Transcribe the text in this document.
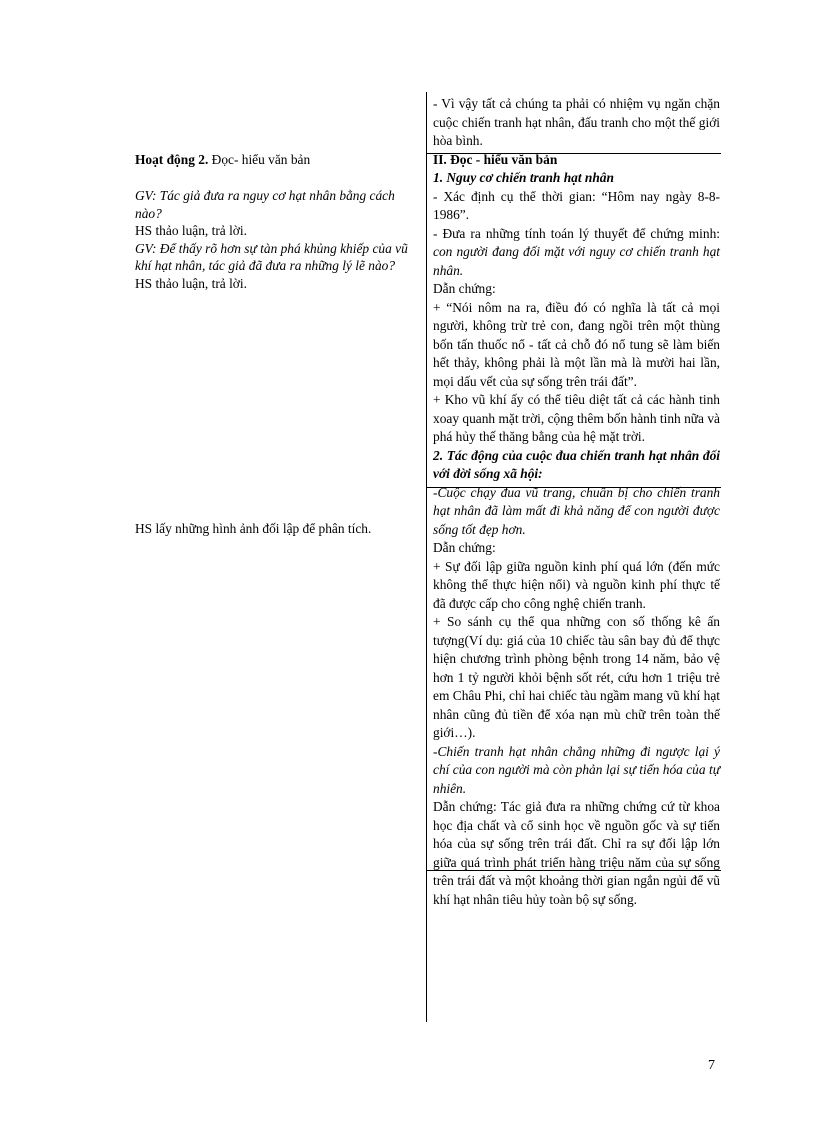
Hoạt động 2. Đọc- hiểu văn bản

GV: Tác giả đưa ra nguy cơ hạt nhân bằng cách nào?

HS thảo luận, trả lời.

GV: Để thấy rõ hơn sự tàn phá khủng khiếp của vũ khí hạt nhân, tác giả đã đưa ra những lý lẽ nào?

HS thảo luận, trả lời.

HS lấy những hình ảnh đối lập để phân tích.

- Vì vậy tất cả chúng ta phải có nhiệm vụ ngăn chặn cuộc chiến tranh hạt nhân, đấu tranh cho một thế giới hòa bình.

II. Đọc - hiểu văn bản

1. Nguy cơ chiến tranh hạt nhân

- Xác định cụ thể thời gian: “Hôm nay ngày 8-8-1986”.

- Đưa ra những tính toán lý thuyết để chứng minh: con người đang đối mặt với nguy cơ chiến tranh hạt nhân.

Dẫn chứng:

+ “Nói nôm na ra, điều đó có nghĩa là tất cả mọi người, không trừ trẻ con, đang ngồi trên một thùng bốn tấn thuốc nổ - tất cả chỗ đó nổ tung sẽ làm biến hết thảy, không phải là một lần mà là mười hai lần, mọi dấu vết của sự sống trên trái đất”.

+ Kho vũ khí ấy có thể tiêu diệt tất cả các hành tinh xoay quanh mặt trời, cộng thêm bốn hành tinh nữa và phá hủy thế thăng bằng của hệ mặt trời.

2. Tác động của cuộc đua chiến tranh hạt nhân đối với đời sống xã hội:

-Cuộc chạy đua vũ trang, chuẩn bị cho chiến tranh hạt nhân đã làm mất đi khả năng để con người được sống tốt đẹp hơn.

Dẫn chứng:

+ Sự đối lập giữa nguồn kinh phí quá lớn (đến mức không thể thực hiện nổi) và nguồn kinh phí thực tế đã được cấp cho công nghệ chiến tranh.

+ So sánh cụ thể qua những con số thống kê ấn tượng(Ví dụ: giá của 10 chiếc tàu sân bay đủ để thực hiện chương trình phòng bệnh trong 14 năm, bảo vệ hơn 1 tỷ người khỏi bệnh sốt rét, cứu hơn 1 triệu trẻ em Châu Phi, chỉ hai chiếc tàu ngầm mang vũ khí hạt nhân cũng đủ tiền để xóa nạn mù chữ trên toàn thế giới…).

-Chiến tranh hạt nhân chẳng những đi ngược lại ý chí của con người mà còn phản lại sự tiến hóa của tự nhiên.

Dẫn chứng: Tác giả đưa ra những chứng cứ từ khoa học địa chất và cổ sinh học về nguồn gốc và sự tiến hóa của sự sống trên trái đất. Chỉ ra sự đối lập lớn giữa quá trình phát triển hàng triệu năm của sự sống trên trái đất và một khoảng thời gian ngắn ngủi để vũ khí hạt nhân tiêu hủy toàn bộ sự sống.

7
